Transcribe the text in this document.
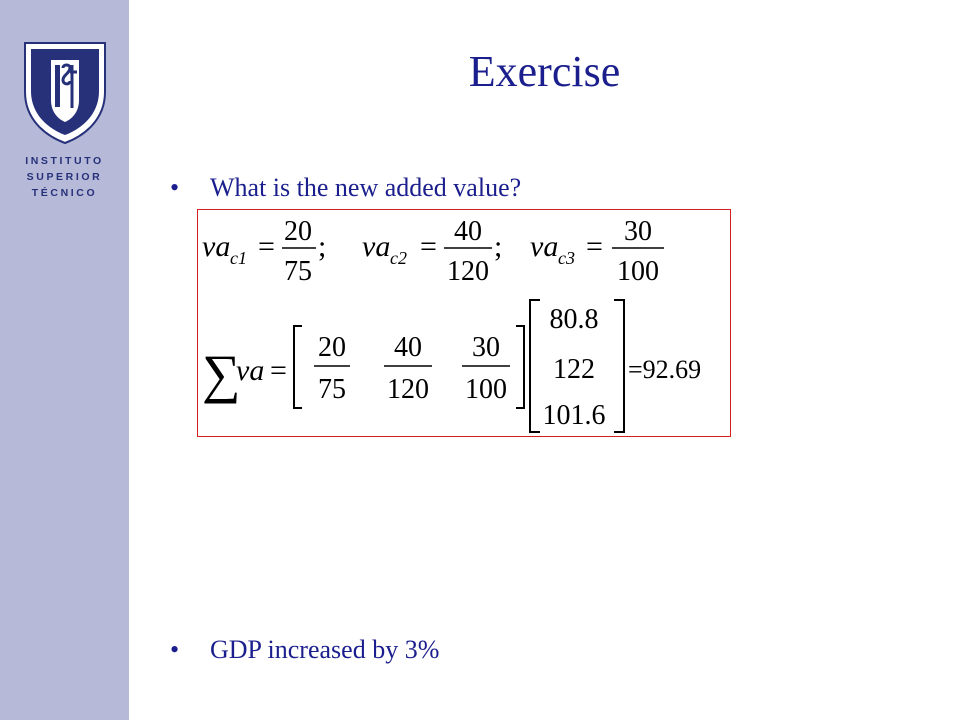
INSTITUTO
SUPERIOR
TÉCNICO
Exercise
• What is the new added value?
va c1 = 20
75
; va c2 = 40
120
; va c3 = 30
100
∑
va =
20
75
40
120
30
100
80.8
122
101.6
=92.69
• GDP increased by 3%
